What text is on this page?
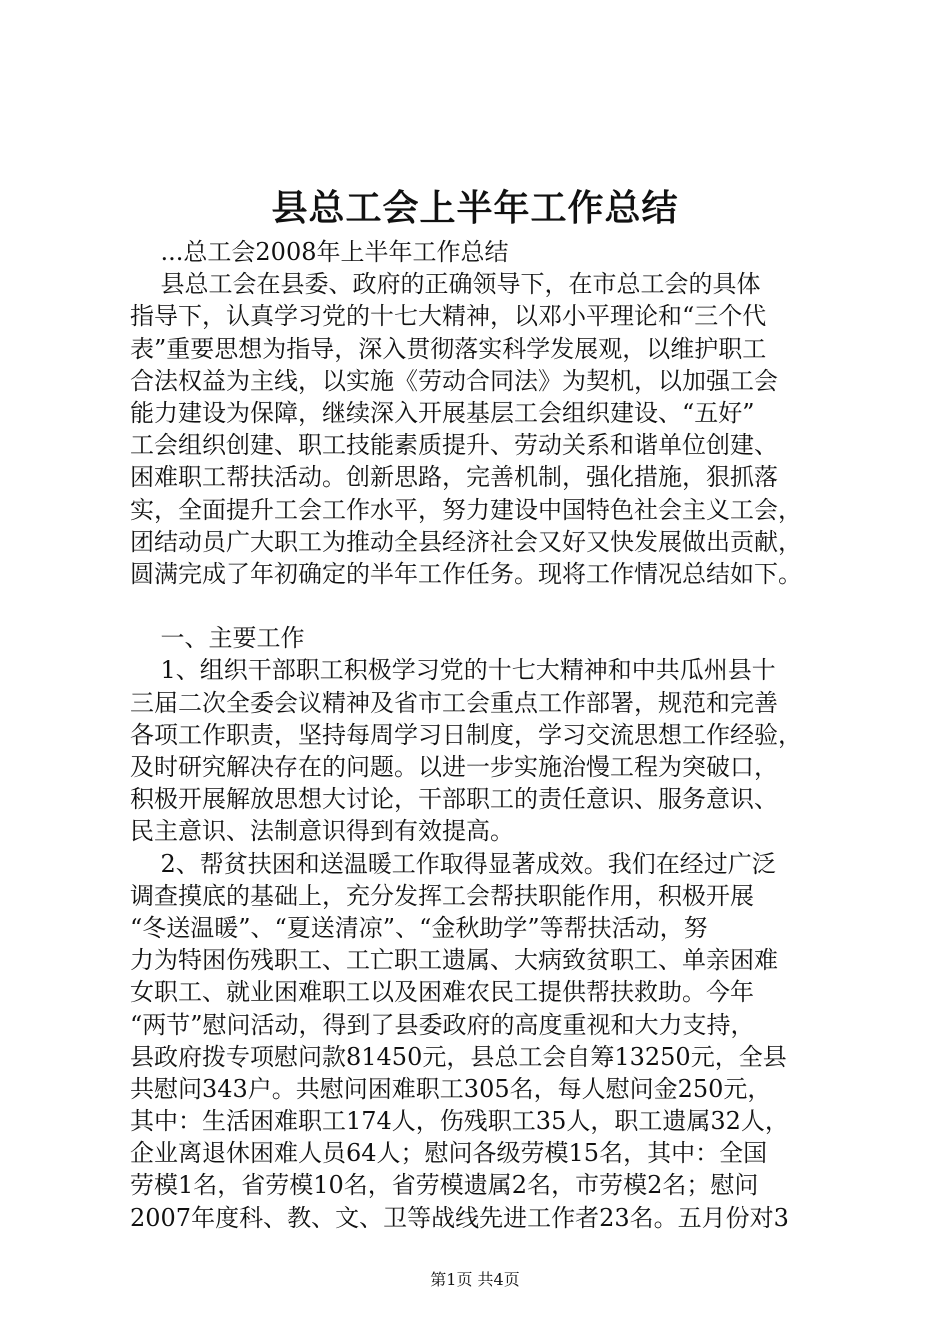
县总工会上半年工作总结
...总工会2008年上半年工作总结
县总工会在县委、政府的正确领导下，在市总工会的具体
指导下，认真学习党的十七大精神，以邓小平理论和“三个代
表”重要思想为指导，深入贯彻落实科学发展观，以维护职工
合法权益为主线，以实施《劳动合同法》为契机，以加强工会
能力建设为保障，继续深入开展基层工会组织建设、“五好”
工会组织创建、职工技能素质提升、劳动关系和谐单位创建、
困难职工帮扶活动。创新思路，完善机制，强化措施，狠抓落
实，全面提升工会工作水平，努力建设中国特色社会主义工会，
团结动员广大职工为推动全县经济社会又好又快发展做出贡献，
圆满完成了年初确定的半年工作任务。现将工作情况总结如下。
一、主要工作
1、组织干部职工积极学习党的十七大精神和中共瓜州县十
三届二次全委会议精神及省市工会重点工作部署，规范和完善
各项工作职责，坚持每周学习日制度，学习交流思想工作经验，
及时研究解决存在的问题。以进一步实施治慢工程为突破口，
积极开展解放思想大讨论，干部职工的责任意识、服务意识、
民主意识、法制意识得到有效提高。
2、帮贫扶困和送温暖工作取得显著成效。我们在经过广泛
调查摸底的基础上，充分发挥工会帮扶职能作用，积极开展
“冬送温暖”、“夏送清凉”、“金秋助学”等帮扶活动，努
力为特困伤残职工、工亡职工遗属、大病致贫职工、单亲困难
女职工、就业困难职工以及困难农民工提供帮扶救助。今年
“两节”慰问活动，得到了县委政府的高度重视和大力支持，
县政府拨专项慰问款81450元，县总工会自筹13250元，全县
共慰问343户。共慰问困难职工305名，每人慰问金250元，
其中：生活困难职工174人，伤残职工35人，职工遗属32人，
企业离退休困难人员64人；慰问各级劳模15名，其中：全国
劳模1名，省劳模10名，省劳模遗属2名，市劳模2名；慰问
2007年度科、教、文、卫等战线先进工作者23名。五月份对3
第1页 共4页
